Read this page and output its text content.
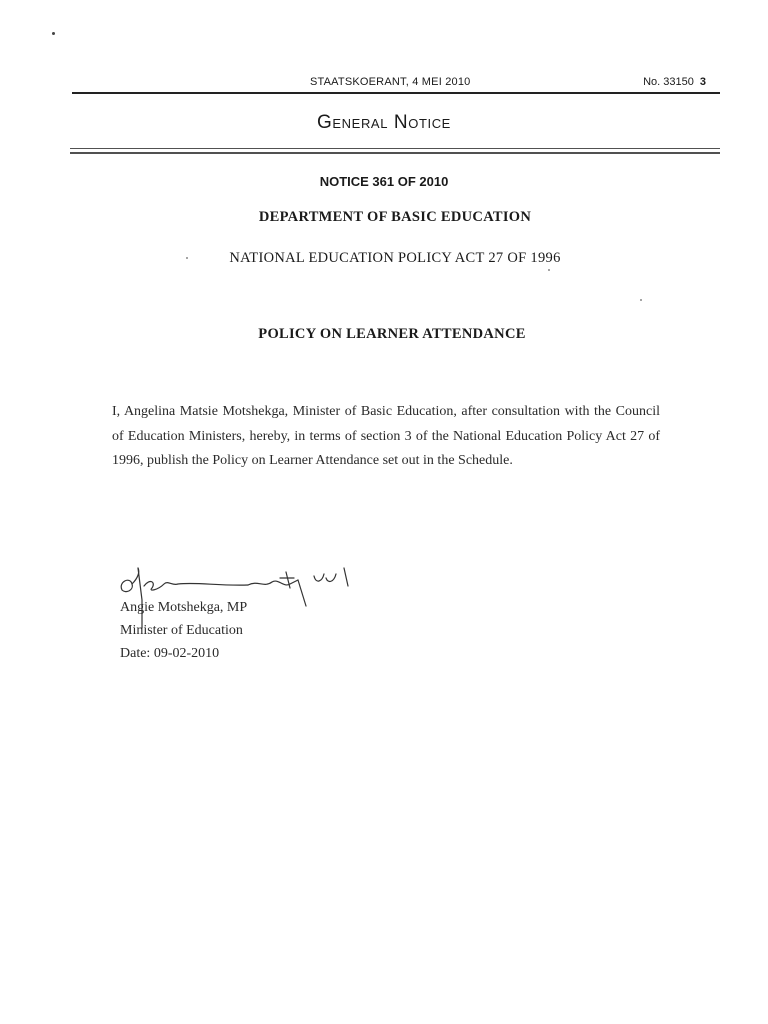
STAATSKOERANT, 4 MEI 2010	No. 33150 3
General Notice
NOTICE 361 OF 2010
DEPARTMENT OF BASIC EDUCATION
NATIONAL EDUCATION POLICY ACT 27 OF 1996
POLICY ON LEARNER ATTENDANCE
I, Angelina Matsie Motshekga, Minister of Basic Education, after consultation with the Council of Education Ministers, hereby, in terms of section 3 of the National Education Policy Act 27 of 1996, publish the Policy on Learner Attendance set out in the Schedule.
Angie Motshekga, MP
Minister of Education
Date: 09-02-2010
